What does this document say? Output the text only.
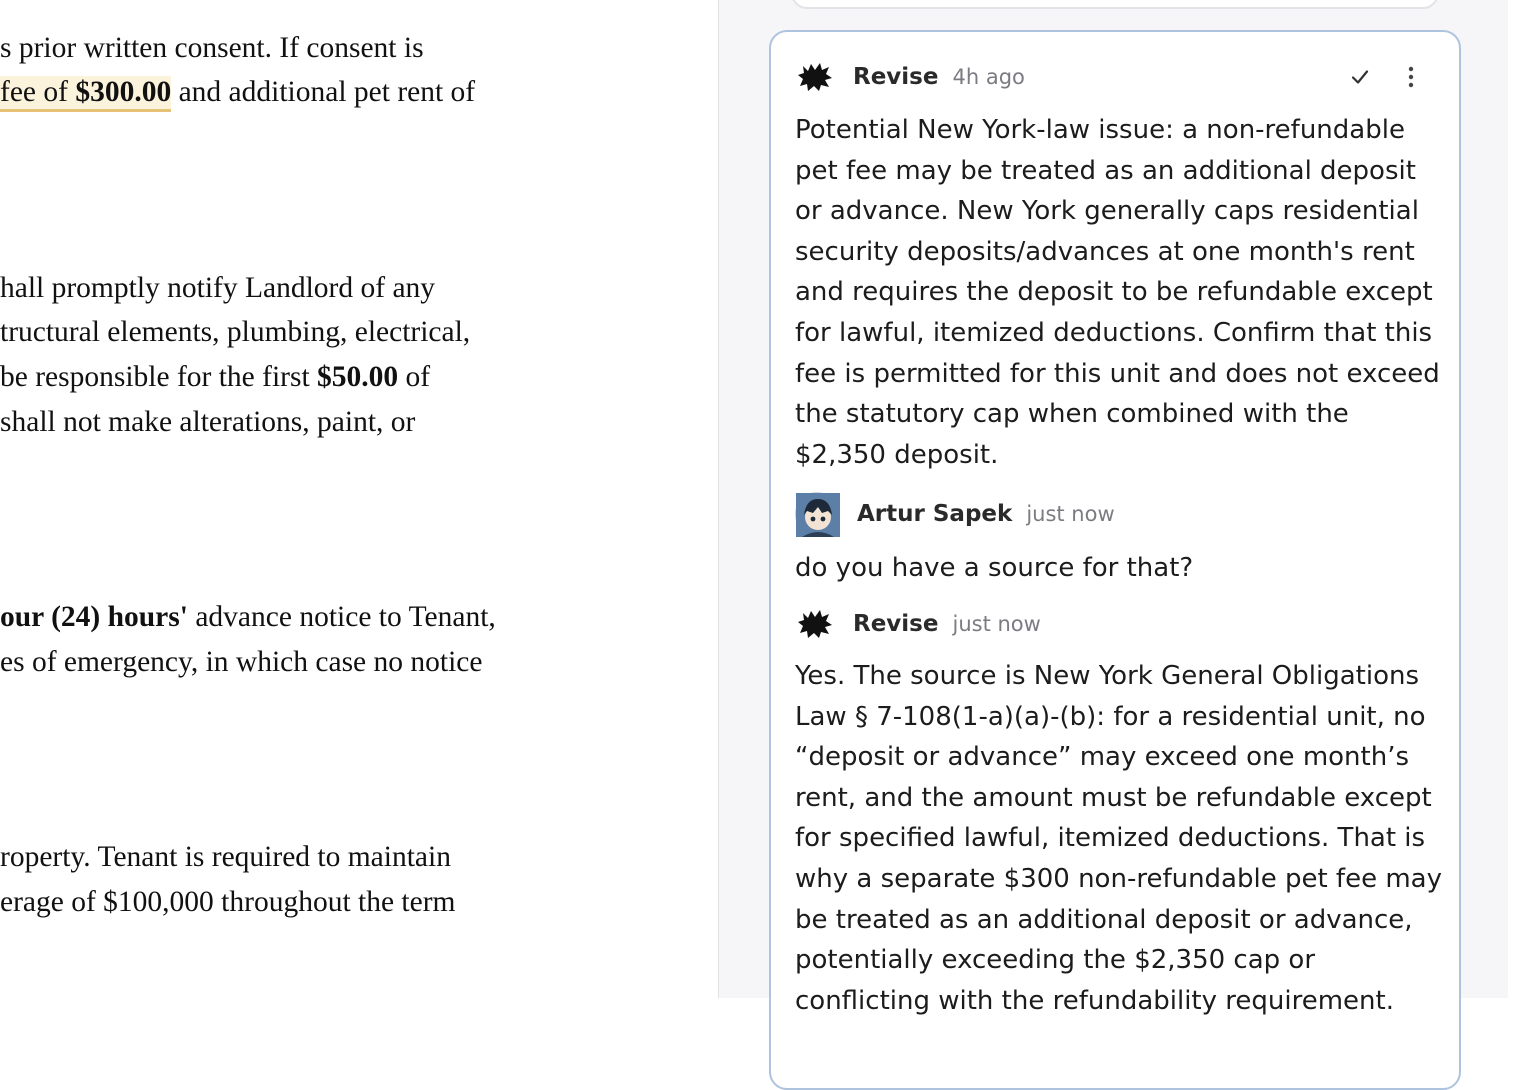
s prior written consent. If consent is
fee of $300.00 and additional pet rent of
hall promptly notify Landlord of any
tructural elements, plumbing, electrical,
be responsible for the first $50.00 of
shall not make alterations, paint, or
our (24) hours' advance notice to Tenant,
es of emergency, in which case no notice
roperty. Tenant is required to maintain
erage of $100,000 throughout the term
Revise 4h ago
Potential New York-law issue: a non-refundable pet fee may be treated as an additional deposit or advance. New York generally caps residential security deposits/advances at one month's rent and requires the deposit to be refundable except for lawful, itemized deductions. Confirm that this fee is permitted for this unit and does not exceed the statutory cap when combined with the $2,350 deposit.
Artur Sapek just now
do you have a source for that?
Revise just now
Yes. The source is New York General Obligations Law § 7-108(1-a)(a)-(b): for a residential unit, no “deposit or advance” may exceed one month’s rent, and the amount must be refundable except for specified lawful, itemized deductions. That is why a separate $300 non-refundable pet fee may be treated as an additional deposit or advance, potentially exceeding the $2,350 cap or conflicting with the refundability requirement.
